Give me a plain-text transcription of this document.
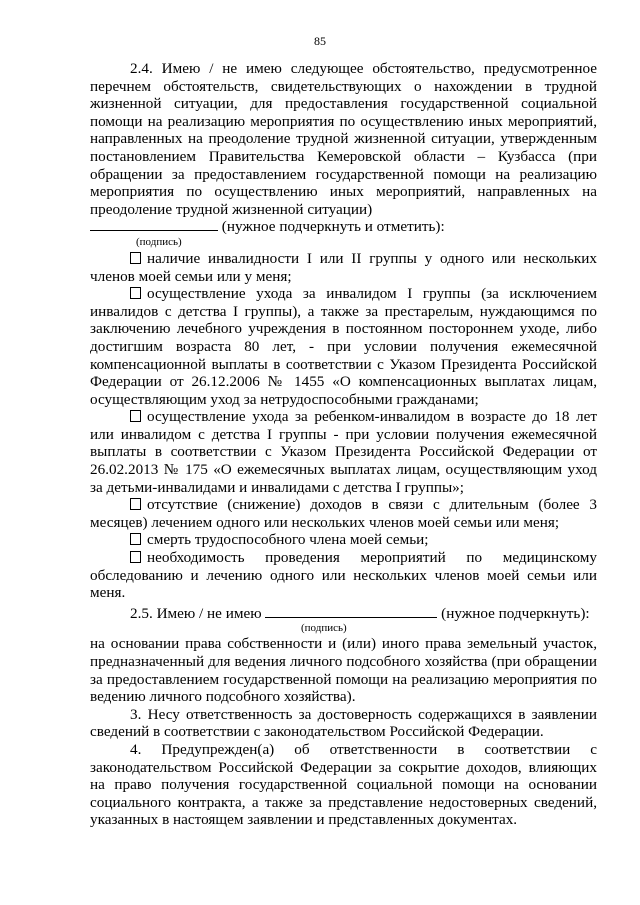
85

2.4. Имею / не имею следующее обстоятельство, предусмотренное перечнем обстоятельств, свидетельствующих о нахождении в трудной жизненной ситуации, для предоставления государственной социальной помощи на реализацию мероприятия по осуществлению иных мероприятий, направленных на преодоление трудной жизненной ситуации, утвержденным постановлением Правительства Кемеровской области – Кузбасса (при обращении за предоставлением государственной помощи на реализацию мероприятия по осуществлению иных мероприятий, направленных на преодоление трудной жизненной ситуации)
(нужное подчеркнуть и отметить):

(подпись)

наличие инвалидности I или II группы у одного или нескольких членов моей семьи или у меня;

осуществление ухода за инвалидом I группы (за исключением инвалидов с детства I группы), а также за престарелым, нуждающимся по заключению лечебного учреждения в постоянном постороннем уходе, либо достигшим возраста 80 лет, - при условии получения ежемесячной компенсационной выплаты в соответствии с Указом Президента Российской Федерации от 26.12.2006 № 1455 «О компенсационных выплатах лицам, осуществляющим уход за нетрудоспособными гражданами;

осуществление ухода за ребенком-инвалидом в возрасте до 18 лет или инвалидом с детства I группы - при условии получения ежемесячной выплаты в соответствии с Указом Президента Российской Федерации от 26.02.2013 № 175 «О ежемесячных выплатах лицам, осуществляющим уход за детьми-инвалидами и инвалидами с детства I группы»;

отсутствие (снижение) доходов в связи с длительным (более 3 месяцев) лечением одного или нескольких членов моей семьи или меня;

смерть трудоспособного члена моей семьи;

необходимость проведения мероприятий по медицинскому обследованию и лечению одного или нескольких членов моей семьи или меня.

2.5. Имею / не имею	(нужное подчеркнуть):

(подпись)

на основании права собственности и (или) иного права земельный участок, предназначенный для ведения личного подсобного хозяйства (при обращении за предоставлением государственной помощи на реализацию мероприятия по ведению личного подсобного хозяйства).

3. Несу ответственность за достоверность содержащихся в заявлении сведений в соответствии с законодательством Российской Федерации.

4. Предупрежден(а) об ответственности в соответствии с законодательством Российской Федерации за сокрытие доходов, влияющих на право получения государственной социальной помощи на основании социального контракта, а также за представление недостоверных сведений, указанных в настоящем заявлении и представленных документах.
